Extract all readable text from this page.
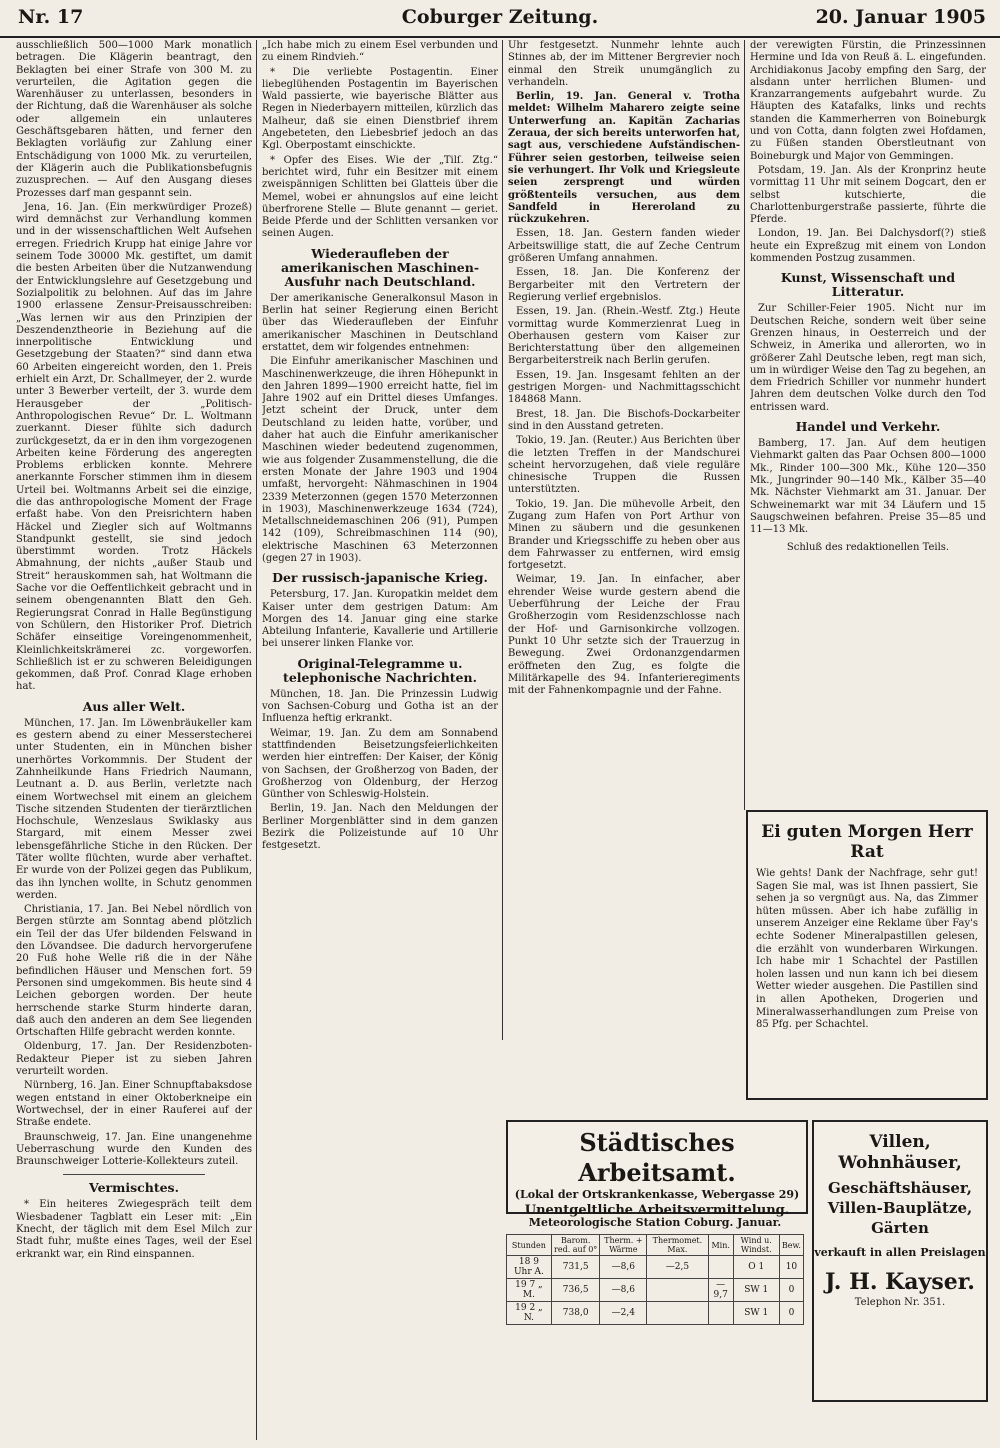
Coburger Zeitung.
Nr. 17	20. Januar 1905

ausschließlich 500—1000 Mark monatlich betragen. Die Klägerin beantragt, den Beklagten bei einer Strafe von 300 M. zu verurteilen, die Agitation gegen die Warenhäuser zu unterlassen, besonders in der Richtung, daß die Warenhäuser als solche oder allgemein ein unlauteres Geschäftsgebaren hätten, und ferner den Beklagten vorläufig zur Zahlung einer Entschädigung von 1000 Mk. zu verurteilen, der Klägerin auch die Publikationsbefugnis zuzusprechen. — Auf den Ausgang dieses Prozesses darf man gespannt sein.

Jena, 16. Jan. (Ein merkwürdiger Prozeß) wird demnächst zur Verhandlung kommen und in der wissenschaftlichen Welt Aufsehen erregen. Friedrich Krupp hat einige Jahre vor seinem Tode 30000 Mk. gestiftet, um damit die besten Arbeiten über die Nutzanwendung der Entwicklungslehre auf Gesetzgebung und Sozialpolitik zu belohnen. Auf das im Jahre 1900 erlassene Zensur-Preisausschreiben: „Was lernen wir aus den Prinzipien der Deszendenztheorie in Beziehung auf die innerpolitische Entwicklung und Gesetzgebung der Staaten?“ sind dann etwa 60 Arbeiten eingereicht worden, den 1. Preis erhielt ein Arzt, Dr. Schallmeyer, der 2. wurde unter 3 Bewerber verteilt, der 3. wurde dem Herausgeber der „Politisch-Anthropologischen Revue“ Dr. L. Woltmann zuerkannt. Dieser fühlte sich dadurch zurückgesetzt, da er in den ihm vorgezogenen Arbeiten keine Förderung des angeregten Problems erblicken konnte. Mehrere anerkannte Forscher stimmen ihm in diesem Urteil bei. Woltmanns Arbeit sei die einzige, die das anthropologische Moment der Frage erfaßt habe. Von den Preisrichtern haben Häckel und Ziegler sich auf Woltmanns Standpunkt gestellt, sie sind jedoch überstimmt worden. Trotz Häckels Abmahnung, der nichts „außer Staub und Streit“ herauskommen sah, hat Woltmann die Sache vor die Oeffentlichkeit gebracht und in seinem obengenannten Blatt den Geh. Regierungsrat Conrad in Halle Begünstigung von Schülern, den Historiker Prof. Dietrich Schäfer einseitige Voreingenommenheit, Kleinlichkeitskrämerei zc. vorgeworfen. Schließlich ist er zu schweren Beleidigungen gekommen, daß Prof. Conrad Klage erhoben hat.

Aus aller Welt.

München, 17. Jan. Im Löwenbräukeller kam es gestern abend zu einer Messerstecherei unter Studenten, ein in München bisher unerhörtes Vorkommnis. Der Student der Zahnheilkunde Hans Friedrich Naumann, Leutnant a. D. aus Berlin, verletzte nach einem Wortwechsel mit einem an gleichem Tische sitzenden Studenten der tierärztlichen Hochschule, Wenzeslaus Swiklasky aus Stargard, mit einem Messer zwei lebensgefährliche Stiche in den Rücken. Der Täter wollte flüchten, wurde aber verhaftet. Er wurde von der Polizei gegen das Publikum, das ihn lynchen wollte, in Schutz genommen werden.

Christiania, 17. Jan. Bei Nebel nördlich von Bergen stürzte am Sonntag abend plötzlich ein Teil der das Ufer bildenden Felswand in den Lövandsee. Die dadurch hervorgerufene 20 Fuß hohe Welle riß die in der Nähe befindlichen Häuser und Menschen fort. 59 Personen sind umgekommen. Bis heute sind 4 Leichen geborgen worden. Der heute herrschende starke Sturm hinderte daran, daß auch den anderen an dem See liegenden Ortschaften Hilfe gebracht werden konnte.

Oldenburg, 17. Jan. Der Residenzboten-Redakteur Pieper ist zu sieben Jahren verurteilt worden.

Nürnberg, 16. Jan. Einer Schnupftabaksdose wegen entstand in einer Oktoberkneipe ein Wortwechsel, der in einer Rauferei auf der Straße endete.

Braunschweig, 17. Jan. Eine unangenehme Ueberraschung wurde den Kunden des Braunschweiger Lotterie-Kollekteurs zuteil.

Vermischtes.

* Ein heiteres Zwiegespräch teilt dem Wiesbadener Tagblatt ein Leser mit: „Ein Knecht, der täglich mit dem Esel Milch zur Stadt fuhr, mußte eines Tages, weil der Esel erkrankt war, ein Rind einspannen.

„Ich habe mich zu einem Esel verbunden und zu einem Rindvieh.“

* Die verliebte Postagentin. Einer liebeglühenden Postagentin im Bayerischen Wald passierte, wie bayerische Blätter aus Regen in Niederbayern mitteilen, kürzlich das Malheur, daß sie einen Dienstbrief ihrem Angebeteten, den Liebesbrief jedoch an das Kgl. Oberpostamt einschickte.

* Opfer des Eises. Wie der „Tilſ. Ztg.“ berichtet wird, fuhr ein Besitzer mit einem zweispännigen Schlitten bei Glatteis über die Memel, wobei er ahnungslos auf eine leicht überfrorene Stelle — Blute genannt — geriet. Beide Pferde und der Schlitten versanken vor seinen Augen.

Wiederaufleben der amerikanischen Maschinen-Ausfuhr nach Deutschland.

Der amerikanische Generalkonsul Mason in Berlin hat seiner Regierung einen Bericht über das Wiederaufleben der Einfuhr amerikanischer Maschinen in Deutschland erstattet, dem wir folgendes entnehmen:

Die Einfuhr amerikanischer Maschinen und Maschinenwerkzeuge, die ihren Höhepunkt in den Jahren 1899—1900 erreicht hatte, fiel im Jahre 1902 auf ein Drittel dieses Umfanges. Jetzt scheint der Druck, unter dem Deutschland zu leiden hatte, vorüber, und daher hat auch die Einfuhr amerikanischer Maschinen wieder bedeutend zugenommen, wie aus folgender Zusammenstellung, die die ersten Monate der Jahre 1903 und 1904 umfaßt, hervorgeht: Nähmaschinen in 1904 2339 Meterzonnen (gegen 1570 Meterzonnen in 1903), Maschinenwerkzeuge 1634 (724), Metallschneidemaschinen 206 (91), Pumpen 142 (109), Schreibmaschinen 114 (90), elektrische Maschinen 63 Meterzonnen (gegen 27 in 1903).

Der russisch-japanische Krieg.

Petersburg, 17. Jan. Kuropatkin meldet dem Kaiser unter dem gestrigen Datum: Am Morgen des 14. Januar ging eine starke Abteilung Infanterie, Kavallerie und Artillerie bei unserer linken Flanke vor.

Original-Telegramme u. telephonische Nachrichten.

München, 18. Jan. Die Prinzessin Ludwig von Sachsen-Coburg und Gotha ist an der Influenza heftig erkrankt.

Weimar, 19. Jan. Zu dem am Sonnabend stattfindenden Beisetzungsfeierlichkeiten werden hier eintreffen: Der Kaiser, der König von Sachsen, der Großherzog von Baden, der Großherzog von Oldenburg, der Herzog Günther von Schleswig-Holstein.

Berlin, 19. Jan. Nach den Meldungen der Berliner Morgenblätter sind in dem ganzen Bezirk die Polizeistunde auf 10 Uhr festgesetzt.

Uhr festgesetzt. Nunmehr lehnte auch Stinnes ab, der im Mittener Bergrevier noch einmal den Streik unumgänglich zu verhandeln.

Berlin, 19. Jan. General v. Trotha meldet: Wilhelm Maharero zeigte seine Unterwerfung an. Kapitän Zacharias Zeraua, der sich bereits unterworfen hat, sagt aus, verschiedene Aufständischen-Führer seien gestorben, teilweise seien sie verhungert. Ihr Volk und Kriegsleute seien zersprengt und würden größtenteils versuchen, aus dem Sandfeld in Hereroland zu rückzukehren.

Essen, 18. Jan. Gestern fanden wieder Arbeitswillige statt, die auf Zeche Centrum größeren Umfang annahmen.

Essen, 18. Jan. Die Konferenz der Bergarbeiter mit den Vertretern der Regierung verlief ergebnislos.

Essen, 19. Jan. (Rhein.-Westf. Ztg.) Heute vormittag wurde Kommerzienrat Lueg in Oberhausen gestern vom Kaiser zur Berichterstattung über den allgemeinen Bergarbeiterstreik nach Berlin gerufen.

Essen, 19. Jan. Insgesamt fehlten an der gestrigen Morgen- und Nachmittagsschicht 184868 Mann.

Brest, 18. Jan. Die Bischofs-Dockarbeiter sind in den Ausstand getreten.

Tokio, 19. Jan. (Reuter.) Aus Berichten über die letzten Treffen in der Mandschurei scheint hervorzugehen, daß viele reguläre chinesische Truppen die Russen unterstützten.

Tokio, 19. Jan. Die mühevolle Arbeit, den Zugang zum Hafen von Port Arthur von Minen zu säubern und die gesunkenen Brander und Kriegsschiffe zu heben ober aus dem Fahrwasser zu entfernen, wird emsig fortgesetzt.

Weimar, 19. Jan. In einfacher, aber ehrender Weise wurde gestern abend die Ueberführung der Leiche der Frau Großherzogin vom Residenzschlosse nach der Hof- und Garnisonkirche vollzogen. Punkt 10 Uhr setzte sich der Trauerzug in Bewegung. Zwei Ordonanzgendarmen eröffneten den Zug, es folgte die Militärkapelle des 94. Infanterieregiments mit der Fahnenkompagnie und der Fahne.

der verewigten Fürstin, die Prinzessinnen Hermine und Ida von Reuß ä. L. eingefunden. Archidiakonus Jacoby empfing den Sarg, der alsdann unter herrlichen Blumen- und Kranzarrangements aufgebahrt wurde. Zu Häupten des Katafalks, links und rechts standen die Kammerherren von Boineburgk und von Cotta, dann folgten zwei Hofdamen, zu Füßen standen Oberstleutnant von Boineburgk und Major von Gemmingen.

Potsdam, 19. Jan. Als der Kronprinz heute vormittag 11 Uhr mit seinem Dogcart, den er selbst kutschierte, die Charlottenburgerstraße passierte, führte die Pferde.

London, 19. Jan. Bei Dalchysdorf(?) stieß heute ein Expreßzug mit einem von London kommenden Postzug zusammen.

Kunst, Wissenschaft und Litteratur.

Zur Schiller-Feier 1905. Nicht nur im Deutschen Reiche, sondern weit über seine Grenzen hinaus, in Oesterreich und der Schweiz, in Amerika und allerorten, wo in größerer Zahl Deutsche leben, regt man sich, um in würdiger Weise den Tag zu begehen, an dem Friedrich Schiller vor nunmehr hundert Jahren dem deutschen Volke durch den Tod entrissen ward.

Handel und Verkehr.

Bamberg, 17. Jan. Auf dem heutigen Viehmarkt galten das Paar Ochsen 800—1000 Mk., Rinder 100—300 Mk., Kühe 120—350 Mk., Jungrinder 90—140 Mk., Kälber 35—40 Mk. Nächster Viehmarkt am 31. Januar. Der Schweinemarkt war mit 34 Läufern und 15 Saugschweinen befahren. Preise 35—85 und 11—13 Mk.

Schluß des redaktionellen Teils.
Ei guten Morgen Herr Rat
Wie gehts! Dank der Nachfrage, sehr gut! Sagen Sie mal, was ist Ihnen passiert, Sie sehen ja so vergnügt aus. Na, das Zimmer hüten müssen. Aber ich habe zufällig in unserem Anzeiger eine Reklame über Fay's echte Sodener Mineralpastillen gelesen, die erzählt von wunderbaren Wirkungen. Ich habe mir 1 Schachtel der Pastillen holen lassen und nun kann ich bei diesem Wetter wieder ausgehen. Die Pastillen sind in allen Apotheken, Drogerien und Mineralwasserhandlungen zum Preise von 85 Pfg. per Schachtel.
Städtisches Arbeitsamt.
(Lokal der Ortskrankenkasse, Webergasse 29)
Unentgeltliche Arbeitsvermittelung.
Meteorologische Station Coburg. Januar.
Stunden	Barom. red. auf 0°	Therm. + Wärme	Thermomet. Max.	Min.	Wind u. Windst.	Bew.
18 9 Uhr A.	731,5	—8,6	—2,5		O 1	10
19 7 „ M.	736,5	—8,6		—9,7	SW 1	0
19 2 „ N.	738,0	—2,4			SW 1	0
Villen, Wohnhäuser,
Geschäftshäuser, Villen-Bauplätze, Gärten
verkauft in allen Preislagen
J. H. Kayser.
Telephon Nr. 351.
